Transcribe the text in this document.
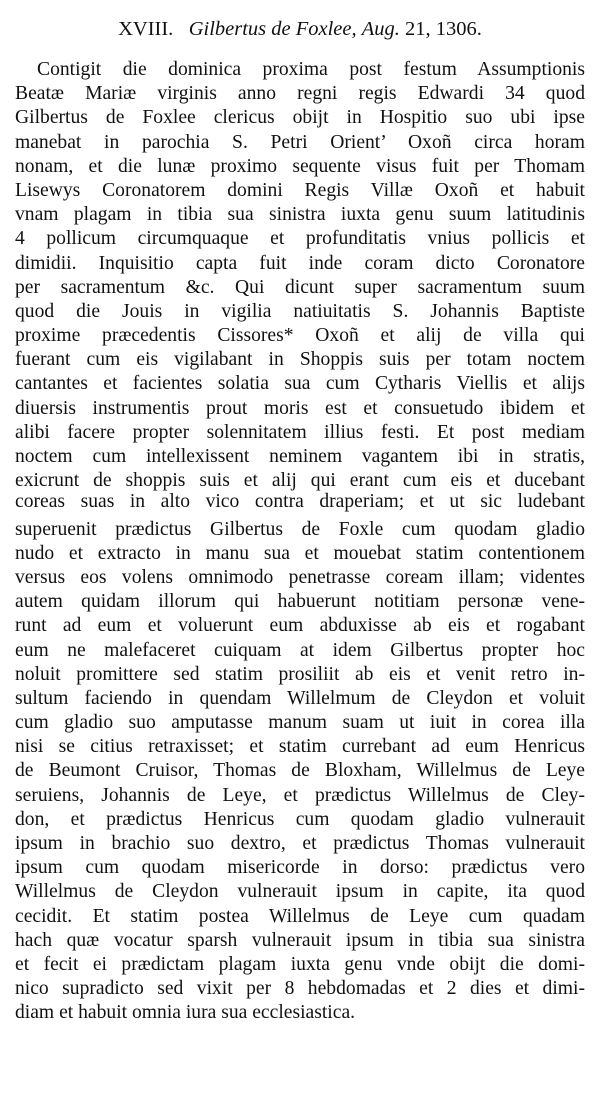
XVIII. Gilbertus de Foxlee, Aug. 21, 1306.
Contigit die dominica proxima post festum Assumptionis
Beatæ Mariæ virginis anno regni regis Edwardi 34 quod
Gilbertus de Foxlee clericus obijt in Hospitio suo ubi ipse
manebat in parochia S. Petri Orient’ Oxoñ circa horam
nonam, et die lunæ proximo sequente visus fuit per Thomam
Lisewys Coronatorem domini Regis Villæ Oxoñ et habuit
vnam plagam in tibia sua sinistra iuxta genu suum latitudinis
4 pollicum circumquaque et profunditatis vnius pollicis et
dimidii. Inquisitio capta fuit inde coram dicto Coronatore
per sacramentum &c. Qui dicunt super sacramentum suum
quod die Jouis in vigilia natiuitatis S. Johannis Baptiste
proxime præcedentis Cissores* Oxoñ et alij de villa qui
fuerant cum eis vigilabant in Shoppis suis per totam noctem
cantantes et facientes solatia sua cum Cytharis Viellis et alijs
diuersis instrumentis prout moris est et consuetudo ibidem et
alibi facere propter solennitatem illius festi. Et post mediam
noctem cum intellexissent neminem vagantem ibi in stratis,
exicrunt de shoppis suis et alij qui erant cum eis et ducebant
coreas suas in alto vico contra draperiam; et ut sic ludebant
superuenit prædictus Gilbertus de Foxle cum quodam gladio
nudo et extracto in manu sua et mouebat statim contentionem
versus eos volens omnimodo penetrasse coream illam; videntes
autem quidam illorum qui habuerunt notitiam personæ vene-
runt ad eum et voluerunt eum abduxisse ab eis et rogabant
eum ne malefaceret cuiquam at idem Gilbertus propter hoc
noluit promittere sed statim prosiliit ab eis et venit retro in-
sultum faciendo in quendam Willelmum de Cleydon et voluit
cum gladio suo amputasse manum suam ut iuit in corea illa
nisi se citius retraxisset; et statim currebant ad eum Henricus
de Beumont Cruisor, Thomas de Bloxham, Willelmus de Leye
seruiens, Johannis de Leye, et prædictus Willelmus de Cley-
don, et prædictus Henricus cum quodam gladio vulnerauit
ipsum in brachio suo dextro, et prædictus Thomas vulnerauit
ipsum cum quodam misericorde in dorso: prædictus vero
Willelmus de Cleydon vulnerauit ipsum in capite, ita quod
cecidit. Et statim postea Willelmus de Leye cum quadam
hach quæ vocatur sparsh vulnerauit ipsum in tibia sua sinistra
et fecit ei prædictam plagam iuxta genu vnde obijt die domi-
nico supradicto sed vixit per 8 hebdomadas et 2 dies et dimi-
diam et habuit omnia iura sua ecclesiastica.
